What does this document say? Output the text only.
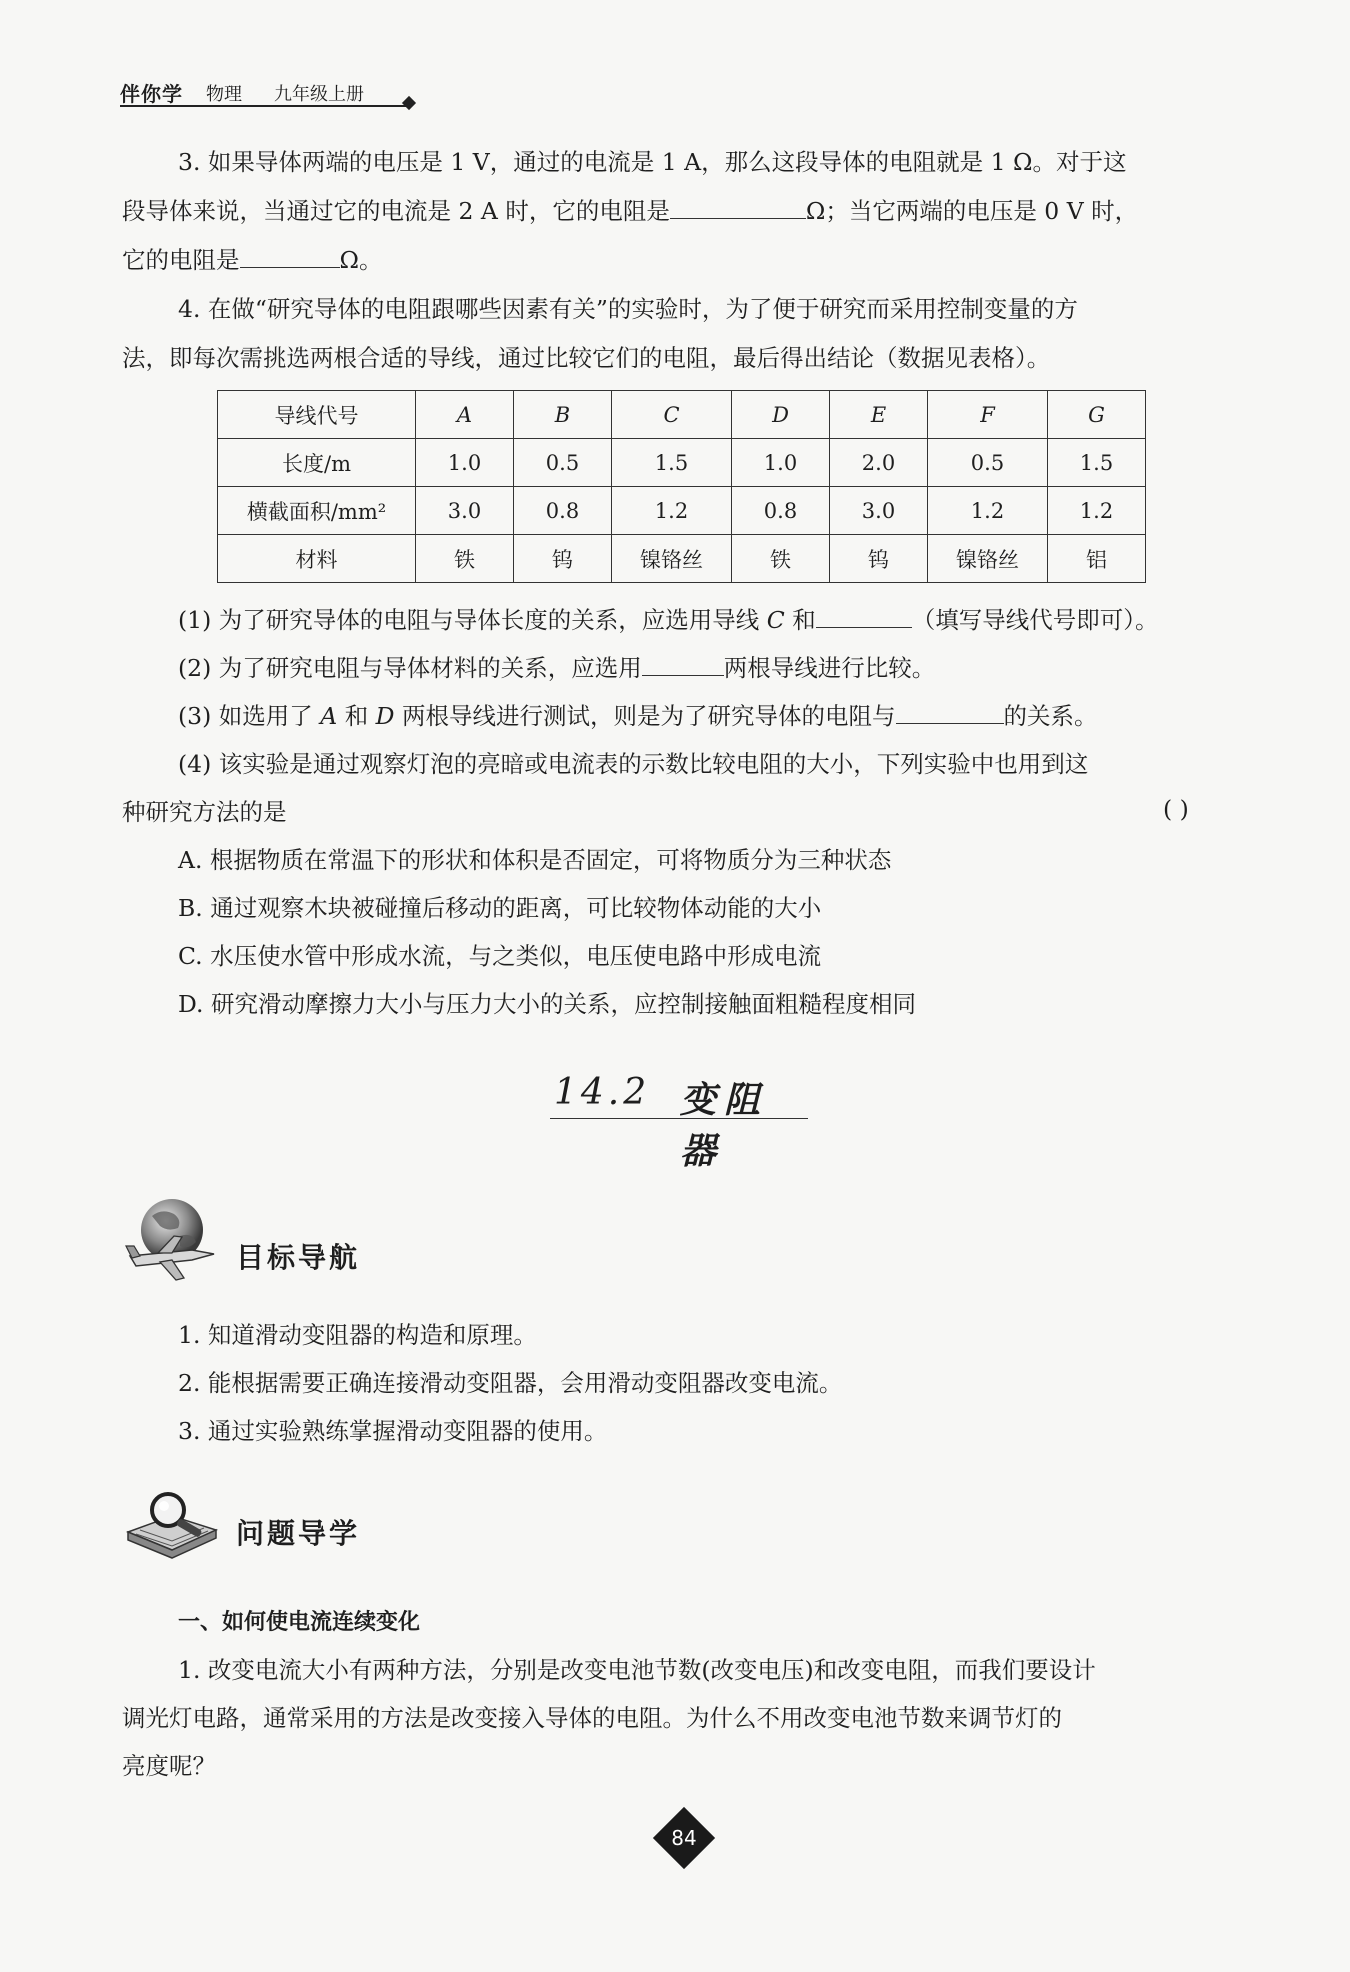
伴你学 物理 九年级上册
3. 如果导体两端的电压是 1 V，通过的电流是 1 A，那么这段导体的电阻就是 1 Ω。对于这
段导体来说，当通过它的电流是 2 A 时，它的电阻是	Ω；当它两端的电压是 0 V 时，
它的电阻是	Ω。
4. 在做“研究导体的电阻跟哪些因素有关”的实验时，为了便于研究而采用控制变量的方
法，即每次需挑选两根合适的导线，通过比较它们的电阻，最后得出结论（数据见表格）。
导线代号	A	B	C	D	E	F	G
长度/m	1.0	0.5	1.5	1.0	2.0	0.5	1.5
横截面积/mm²	3.0	0.8	1.2	0.8	3.0	1.2	1.2
材料	铁	钨	镍铬丝	铁	钨	镍铬丝	铝
(1) 为了研究导体的电阻与导体长度的关系，应选用导线 C 和	（填写导线代号即可）。
(2) 为了研究电阻与导体材料的关系，应选用	两根导线进行比较。
(3) 如选用了 A 和 D 两根导线进行测试，则是为了研究导体的电阻与	的关系。
(4) 该实验是通过观察灯泡的亮暗或电流表的示数比较电阻的大小，下列实验中也用到这
种研究方法的是	( )
A. 根据物质在常温下的形状和体积是否固定，可将物质分为三种状态
B. 通过观察木块被碰撞后移动的距离，可比较物体动能的大小
C. 水压使水管中形成水流，与之类似，电压使电路中形成电流
D. 研究滑动摩擦力大小与压力大小的关系，应控制接触面粗糙程度相同
14.2 变阻器
目标导航
1. 知道滑动变阻器的构造和原理。
2. 能根据需要正确连接滑动变阻器，会用滑动变阻器改变电流。
3. 通过实验熟练掌握滑动变阻器的使用。
问题导学
一、如何使电流连续变化
1. 改变电流大小有两种方法，分别是改变电池节数(改变电压)和改变电阻，而我们要设计
调光灯电路，通常采用的方法是改变接入导体的电阻。为什么不用改变电池节数来调节灯的
亮度呢？
84
